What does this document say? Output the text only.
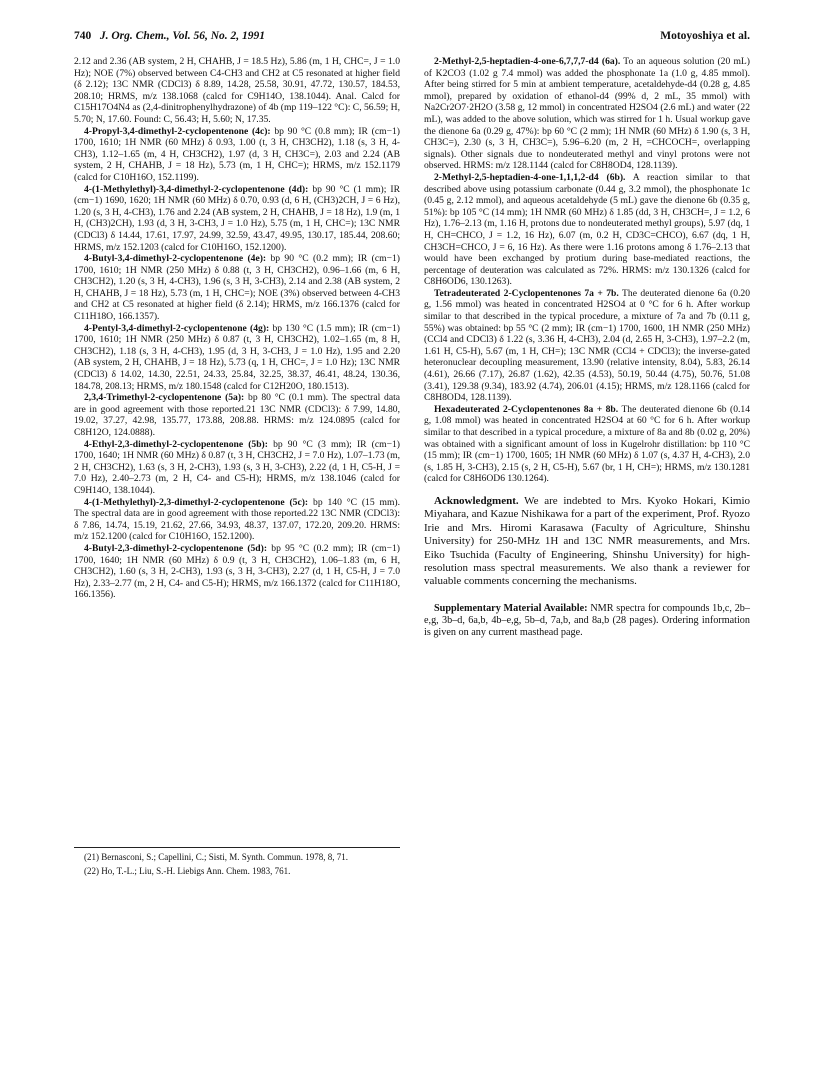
740 J. Org. Chem., Vol. 56, No. 2, 1991	Motoyoshiya et al.

2.12 and 2.36 (AB system, 2 H, CHAHB, J = 18.5 Hz), 5.86 (m, 1 H, CHC=, J = 1.0 Hz); NOE (7%) observed between C4-CH3 and CH2 at C5 resonated at higher field (δ 2.12); 13C NMR (CDCl3) δ 8.89, 14.28, 25.58, 30.91, 47.72, 130.57, 184.53, 208.10; HRMS, m/z 138.1068 (calcd for C9H14O, 138.1044). Anal. Calcd for C15H17O4N4 as (2,4-dinitrophenylhydrazone) of 4b (mp 119–122 °C): C, 56.59; H, 5.70; N, 17.60. Found: C, 56.43; H, 5.60; N, 17.35.

4-Propyl-3,4-dimethyl-2-cyclopentenone (4c): bp 90 °C (0.8 mm); IR (cm−1) 1700, 1610; 1H NMR (60 MHz) δ 0.93, 1.00 (t, 3 H, CH3CH2), 1.18 (s, 3 H, 4-CH3), 1.12–1.65 (m, 4 H, CH3CH2), 1.97 (d, 3 H, CH3C=), 2.03 and 2.24 (AB system, 2 H, CHAHB, J = 18 Hz), 5.73 (m, 1 H, CHC=); HRMS, m/z 152.1179 (calcd for C10H16O, 152.1199).

4-(1-Methylethyl)-3,4-dimethyl-2-cyclopentenone (4d): bp 90 °C (1 mm); IR (cm−1) 1690, 1620; 1H NMR (60 MHz) δ 0.70, 0.93 (d, 6 H, (CH3)2CH, J = 6 Hz), 1.20 (s, 3 H, 4-CH3), 1.76 and 2.24 (AB system, 2 H, CHAHB, J = 18 Hz), 1.9 (m, 1 H, (CH3)2CH), 1.93 (d, 3 H, 3-CH3, J = 1.0 Hz), 5.75 (m, 1 H, CHC=); 13C NMR (CDCl3) δ 14.44, 17.61, 17.97, 24.99, 32.59, 43.47, 49.95, 130.17, 185.44, 208.60; HRMS, m/z 152.1203 (calcd for C10H16O, 152.1200).

4-Butyl-3,4-dimethyl-2-cyclopentenone (4e): bp 90 °C (0.2 mm); IR (cm−1) 1700, 1610; 1H NMR (250 MHz) δ 0.88 (t, 3 H, CH3CH2), 0.96–1.66 (m, 6 H, CH3CH2), 1.20 (s, 3 H, 4-CH3), 1.96 (s, 3 H, 3-CH3), 2.14 and 2.38 (AB system, 2 H, CHAHB, J = 18 Hz), 5.73 (m, 1 H, CHC=); NOE (3%) observed between 4-CH3 and CH2 at C5 resonated at higher field (δ 2.14); HRMS, m/z 166.1376 (calcd for C11H18O, 166.1357).

4-Pentyl-3,4-dimethyl-2-cyclopentenone (4g): bp 130 °C (1.5 mm); IR (cm−1) 1700, 1610; 1H NMR (250 MHz) δ 0.87 (t, 3 H, CH3CH2), 1.02–1.65 (m, 8 H, CH3CH2), 1.18 (s, 3 H, 4-CH3), 1.95 (d, 3 H, 3-CH3, J = 1.0 Hz), 1.95 and 2.20 (AB system, 2 H, CHAHB, J = 18 Hz), 5.73 (q, 1 H, CHC=, J = 1.0 Hz); 13C NMR (CDCl3) δ 14.02, 14.30, 22.51, 24.33, 25.84, 32.25, 38.37, 46.41, 48.24, 130.36, 184.78, 208.13; HRMS, m/z 180.1548 (calcd for C12H20O, 180.1513).

2,3,4-Trimethyl-2-cyclopentenone (5a): bp 80 °C (0.1 mm). The spectral data are in good agreement with those reported.21 13C NMR (CDCl3): δ 7.99, 14.80, 19.02, 37.27, 42.98, 135.77, 173.88, 208.88. HRMS: m/z 124.0895 (calcd for C8H12O, 124.0888).

4-Ethyl-2,3-dimethyl-2-cyclopentenone (5b): bp 90 °C (3 mm); IR (cm−1) 1700, 1640; 1H NMR (60 MHz) δ 0.87 (t, 3 H, CH3CH2, J = 7.0 Hz), 1.07–1.73 (m, 2 H, CH3CH2), 1.63 (s, 3 H, 2-CH3), 1.93 (s, 3 H, 3-CH3), 2.22 (d, 1 H, C5-H, J = 7.0 Hz), 2.40–2.73 (m, 2 H, C4- and C5-H); HRMS, m/z 138.1046 (calcd for C9H14O, 138.1044).

4-(1-Methylethyl)-2,3-dimethyl-2-cyclopentenone (5c): bp 140 °C (15 mm). The spectral data are in good agreement with those reported.22 13C NMR (CDCl3): δ 7.86, 14.74, 15.19, 21.62, 27.66, 34.93, 48.37, 137.07, 172.20, 209.20. HRMS: m/z 152.1200 (calcd for C10H16O, 152.1200).

4-Butyl-2,3-dimethyl-2-cyclopentenone (5d): bp 95 °C (0.2 mm); IR (cm−1) 1700, 1640; 1H NMR (60 MHz) δ 0.9 (t, 3 H, CH3CH2), 1.06–1.83 (m, 6 H, CH3CH2), 1.60 (s, 3 H, 2-CH3), 1.93 (s, 3 H, 3-CH3), 2.27 (d, 1 H, C5-H, J = 7.0 Hz), 2.33–2.77 (m, 2 H, C4- and C5-H); HRMS, m/z 166.1372 (calcd for C11H18O, 166.1356).

(21) Bernasconi, S.; Capellini, C.; Sisti, M. Synth. Commun. 1978, 8, 71.

(22) Ho, T.-L.; Liu, S.-H. Liebigs Ann. Chem. 1983, 761.

2-Methyl-2,5-heptadien-4-one-6,7,7,7-d4 (6a). To an aqueous solution (20 mL) of K2CO3 (1.02 g 7.4 mmol) was added the phosphonate 1a (1.0 g, 4.85 mmol). After being stirred for 5 min at ambient temperature, acetaldehyde-d4 (0.28 g, 4.85 mmol), prepared by oxidation of ethanol-d4 (99% d, 2 mL, 35 mmol) with Na2Cr2O7·2H2O (3.58 g, 12 mmol) in concentrated H2SO4 (2.6 mL) and water (22 mL), was added to the above solution, which was stirred for 1 h. Usual workup gave the dienone 6a (0.29 g, 47%): bp 60 °C (2 mm); 1H NMR (60 MHz) δ 1.90 (s, 3 H, CH3C=), 2.30 (s, 3 H, CH3C=), 5.96–6.20 (m, 2 H, =CHCOCH=, overlapping signals). Other signals due to nondeuterated methyl and vinyl protons were not observed. HRMS: m/z 128.1144 (calcd for C8H8OD4, 128.1139).

2-Methyl-2,5-heptadien-4-one-1,1,1,2-d4 (6b). A reaction similar to that described above using potassium carbonate (0.44 g, 3.2 mmol), the phosphonate 1c (0.45 g, 2.12 mmol), and aqueous acetaldehyde (5 mL) gave the dienone 6b (0.35 g, 51%): bp 105 °C (14 mm); 1H NMR (60 MHz) δ 1.85 (dd, 3 H, CH3CH=, J = 1.2, 6 Hz), 1.76–2.13 (m, 1.16 H, protons due to nondeuterated methyl groups), 5.97 (dq, 1 H, CH=CHCO, J = 1.2, 16 Hz), 6.07 (m, 0.2 H, CD3C=CHCO), 6.67 (dq, 1 H, CH3CH=CHCO, J = 6, 16 Hz). As there were 1.16 protons among δ 1.76–2.13 that would have been exchanged by protium during base-mediated reactions, the percentage of deuteration was calculated as 72%. HRMS: m/z 130.1326 (calcd for C8H6OD6, 130.1263).

Tetradeuterated 2-Cyclopentenones 7a + 7b. The deuterated dienone 6a (0.20 g, 1.56 mmol) was heated in concentrated H2SO4 at 0 °C for 6 h. After workup similar to that described in the typical procedure, a mixture of 7a and 7b (0.11 g, 55%) was obtained: bp 55 °C (2 mm); IR (cm−1) 1700, 1600, 1H NMR (250 MHz) (CCl4 and CDCl3) δ 1.22 (s, 3.36 H, 4-CH3), 2.04 (d, 2.65 H, 3-CH3), 1.97–2.2 (m, 1.61 H, C5-H), 5.67 (m, 1 H, CH=); 13C NMR (CCl4 + CDCl3); the inverse-gated heteronuclear decoupling measurement, 13.90 (relative intensity, 8.04), 5.83, 26.14 (4.61), 26.66 (7.17), 26.87 (1.62), 42.35 (4.53), 50.19, 50.44 (4.75), 50.76, 51.08 (3.41), 129.38 (9.34), 183.92 (4.74), 206.01 (4.15); HRMS, m/z 128.1166 (calcd for C8H8OD4, 128.1139).

Hexadeuterated 2-Cyclopentenones 8a + 8b. The deuterated dienone 6b (0.14 g, 1.08 mmol) was heated in concentrated H2SO4 at 60 °C for 6 h. After workup similar to that described in a typical procedure, a mixture of 8a and 8b (0.02 g, 20%) was obtained with a significant amount of loss in Kugelrohr distillation: bp 110 °C (15 mm); IR (cm−1) 1700, 1605; 1H NMR (60 MHz) δ 1.07 (s, 4.37 H, 4-CH3), 2.0 (s, 1.85 H, 3-CH3), 2.15 (s, 2 H, C5-H), 5.67 (br, 1 H, CH=); HRMS, m/z 130.1281 (calcd for C8H6OD6 130.1264).

Acknowledgment. We are indebted to Mrs. Kyoko Hokari, Kimio Miyahara, and Kazue Nishikawa for a part of the experiment, Prof. Ryozo Irie and Mrs. Hiromi Karasawa (Faculty of Agriculture, Shinshu University) for 250-MHz 1H and 13C NMR measurements, and Mrs. Eiko Tsuchida (Faculty of Engineering, Shinshu University) for high-resolution mass spectral measurements. We also thank a reviewer for valuable comments concerning the mechanisms.

Supplementary Material Available: NMR spectra for compounds 1b,c, 2b–e,g, 3b–d, 6a,b, 4b–e,g, 5b–d, 7a,b, and 8a,b (28 pages). Ordering information is given on any current masthead page.
